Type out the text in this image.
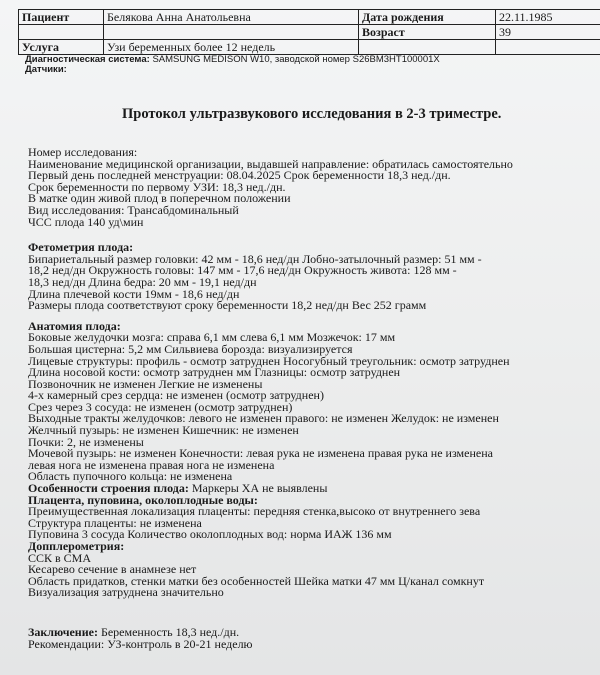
Пациент	Белякова Анна Анатольевна	Дата рождения	22.11.1985
		Возраст	39
Услуга	Узи беременных более 12 недель		
Диагностическая система: SAMSUNG MEDISON W10, заводской номер S26BM3HT100001X
Датчики:
Протокол ультразвукового исследования в 2-3 триместре.
Номер исследования:
Наименование медицинской организации, выдавшей направление: обратилась самостоятельно
Первый день последней менструации: 08.04.2025 Срок беременности 18,3 нед./дн.
Срок беременности по первому УЗИ: 18,3 нед./дн.
В матке один живой плод в поперечном положении
Вид исследования: Трансабдоминальный
ЧСС плода 140 уд\мин
Фетометрия плода:
Бипариетальный размер головки: 42 мм - 18,6 нед/дн Лобно-затылочный размер: 51 мм -
18,2 нед/дн Окружность головы: 147 мм - 17,6 нед/дн Окружность живота: 128 мм -
18,3 нед/дн Длина бедра: 20 мм - 19,1 нед/дн
Длина плечевой кости 19мм - 18,6 нед/дн
Размеры плода соответствуют сроку беременности 18,2 нед/дн Вес 252 грамм
Анатомия плода:
Боковые желудочки мозга: справа 6,1 мм слева 6,1 мм Мозжечок: 17 мм
Большая цистерна: 5,2 мм Сильвиева борозда: визуализируется
Лицевые структуры: профиль - осмотр затруднен Носогубный треугольник: осмотр затруднен
Длина носовой кости: осмотр затруднен мм Глазницы: осмотр затруднен
Позвоночник не изменен Легкие не изменены
4-х камерный срез сердца: не изменен (осмотр затруднен)
Срез через 3 сосуда: не изменен (осмотр затруднен)
Выходные тракты желудочков: левого не изменен правого: не изменен Желудок: не изменен
Желчный пузырь: не изменен Кишечник: не изменен
Почки: 2, не изменены
Мочевой пузырь: не изменен Конечности: левая рука не изменена правая рука не изменена
левая нога не изменена правая нога не изменена
Область пупочного кольца: не изменена
Особенности строения плода: Маркеры ХА не выявлены
Плацента, пуповина, околоплодные воды:
Преимущественная локализация плаценты: передняя стенка,высоко от внутреннего зева
Структура плаценты: не изменена
Пуповина 3 сосуда Количество околоплодных вод: норма ИАЖ 136 мм
Допплерометрия:
ССК в СМА
Кесарево сечение в анамнезе нет
Область придатков, стенки матки без особенностей Шейка матки 47 мм Ц/канал сомкнут
Визуализация затруднена значительно
Заключение: Беременность 18,3 нед./дн.
Рекомендации: УЗ-контроль в 20-21 неделю
